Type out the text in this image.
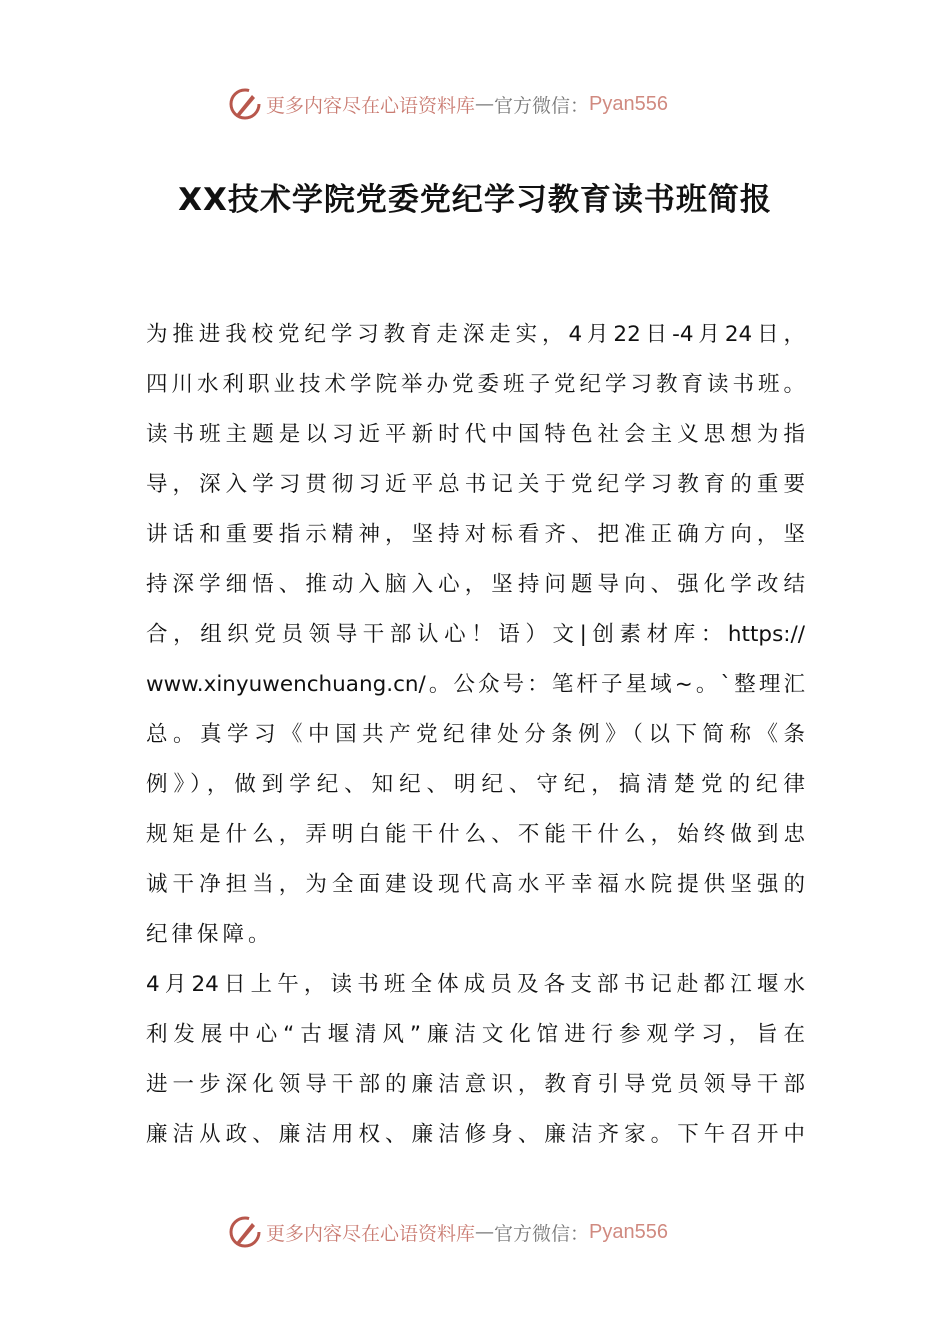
更多内容尽在心语资料库 — 官方微信： Pyan556
XX技术学院党委党纪学习教育读书班简报
为推进我校党纪学习教育走深走实，4月22日-4月24日，
四川水利职业技术学院举办党委班子党纪学习教育读书班。
读书班主题是以习近平新时代中国特色社会主义思想为指
导，深入学习贯彻习近平总书记关于党纪学习教育的重要
讲话和重要指示精神，坚持对标看齐、把准正确方向，坚
持深学细悟、推动入脑入心，坚持问题导向、强化学改结
合，组织党员领导干部认心！语）文|创素材库：https://
www.xinyuwenchuang.cn/。公众号：笔杆子星域~。`整理汇
总。真学习《中国共产党纪律处分条例》（以下简称《条
例》），做到学纪、知纪、明纪、守纪，搞清楚党的纪律
规矩是什么，弄明白能干什么、不能干什么，始终做到忠
诚干净担当，为全面建设现代高水平幸福水院提供坚强的
纪律保障。
4月24日上午，读书班全体成员及各支部书记赴都江堰水
利发展中心“古堰清风”廉洁文化馆进行参观学习，旨在
进一步深化领导干部的廉洁意识，教育引导党员领导干部
廉洁从政、廉洁用权、廉洁修身、廉洁齐家。下午召开中
更多内容尽在心语资料库 — 官方微信： Pyan556
